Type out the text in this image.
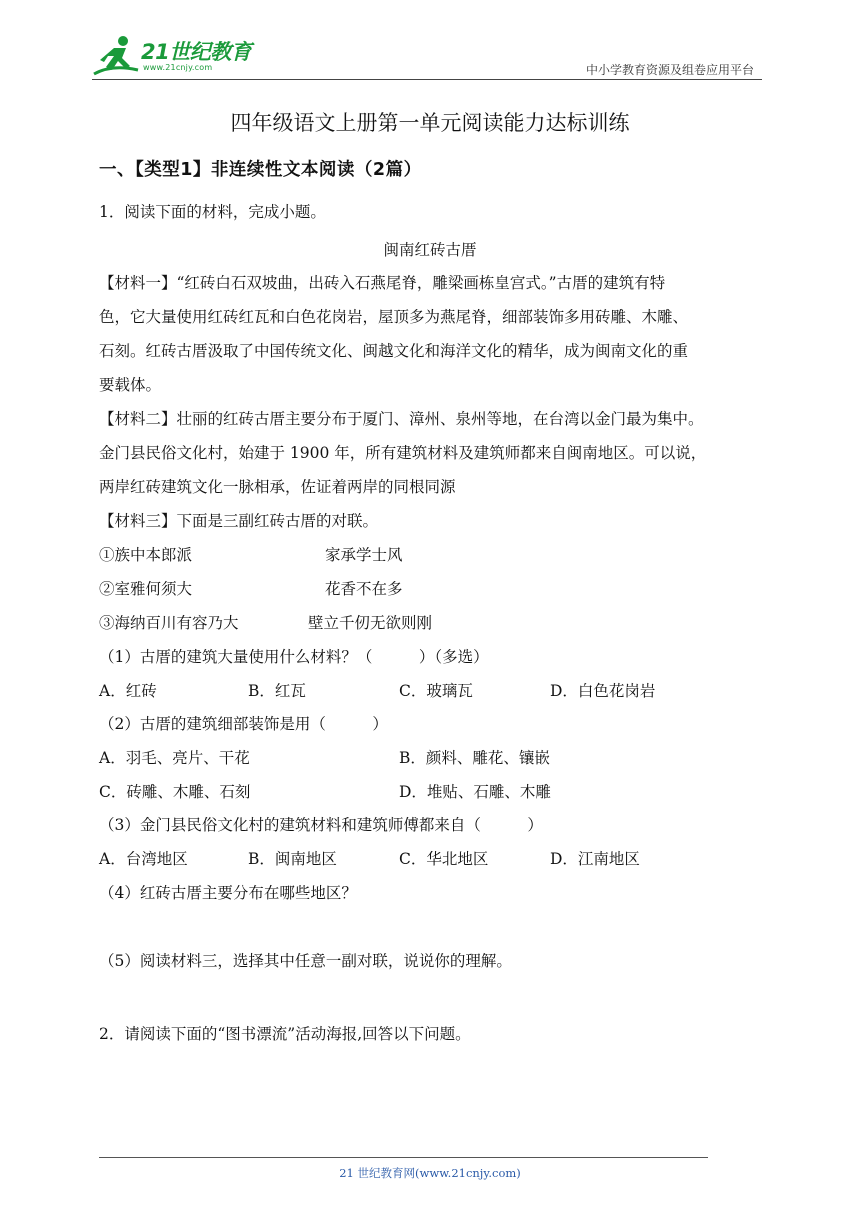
21世纪教育
www.21cnjy.com	中小学教育资源及组卷应用平台
四年级语文上册第一单元阅读能力达标训练
一、【类型1】非连续性文本阅读（2篇）
1．阅读下面的材料，完成小题。
闽南红砖古厝
【材料一】“红砖白石双坡曲，出砖入石燕尾脊，雕梁画栋皇宫式。”古厝的建筑有特
色，它大量使用红砖红瓦和白色花岗岩，屋顶多为燕尾脊，细部装饰多用砖雕、木雕、
石刻。红砖古厝汲取了中国传统文化、闽越文化和海洋文化的精华，成为闽南文化的重
要载体。
【材料二】壮丽的红砖古厝主要分布于厦门、漳州、泉州等地，在台湾以金门最为集中。
金门县民俗文化村，始建于 1900 年，所有建筑材料及建筑师都来自闽南地区。可以说，
两岸红砖建筑文化一脉相承，佐证着两岸的同根同源
【材料三】下面是三副红砖古厝的对联。
①族中本郎派	家承学士风
②室雅何须大	花香不在多
③海纳百川有容乃大	壁立千仞无欲则刚
（1）古厝的建筑大量使用什么材料？（　　　）（多选）
A．红砖	B．红瓦	C．玻璃瓦	D．白色花岗岩
（2）古厝的建筑细部装饰是用（　　　）
A．羽毛、亮片、干花	B．颜料、雕花、镶嵌
C．砖雕、木雕、石刻	D．堆贴、石雕、木雕
（3）金门县民俗文化村的建筑材料和建筑师傅都来自（　　　）
A．台湾地区	B．闽南地区	C．华北地区	D．江南地区
（4）红砖古厝主要分布在哪些地区？
（5）阅读材料三，选择其中任意一副对联，说说你的理解。
2．请阅读下面的“图书漂流”活动海报,回答以下问题。
21 世纪教育网(www.21cnjy.com)
